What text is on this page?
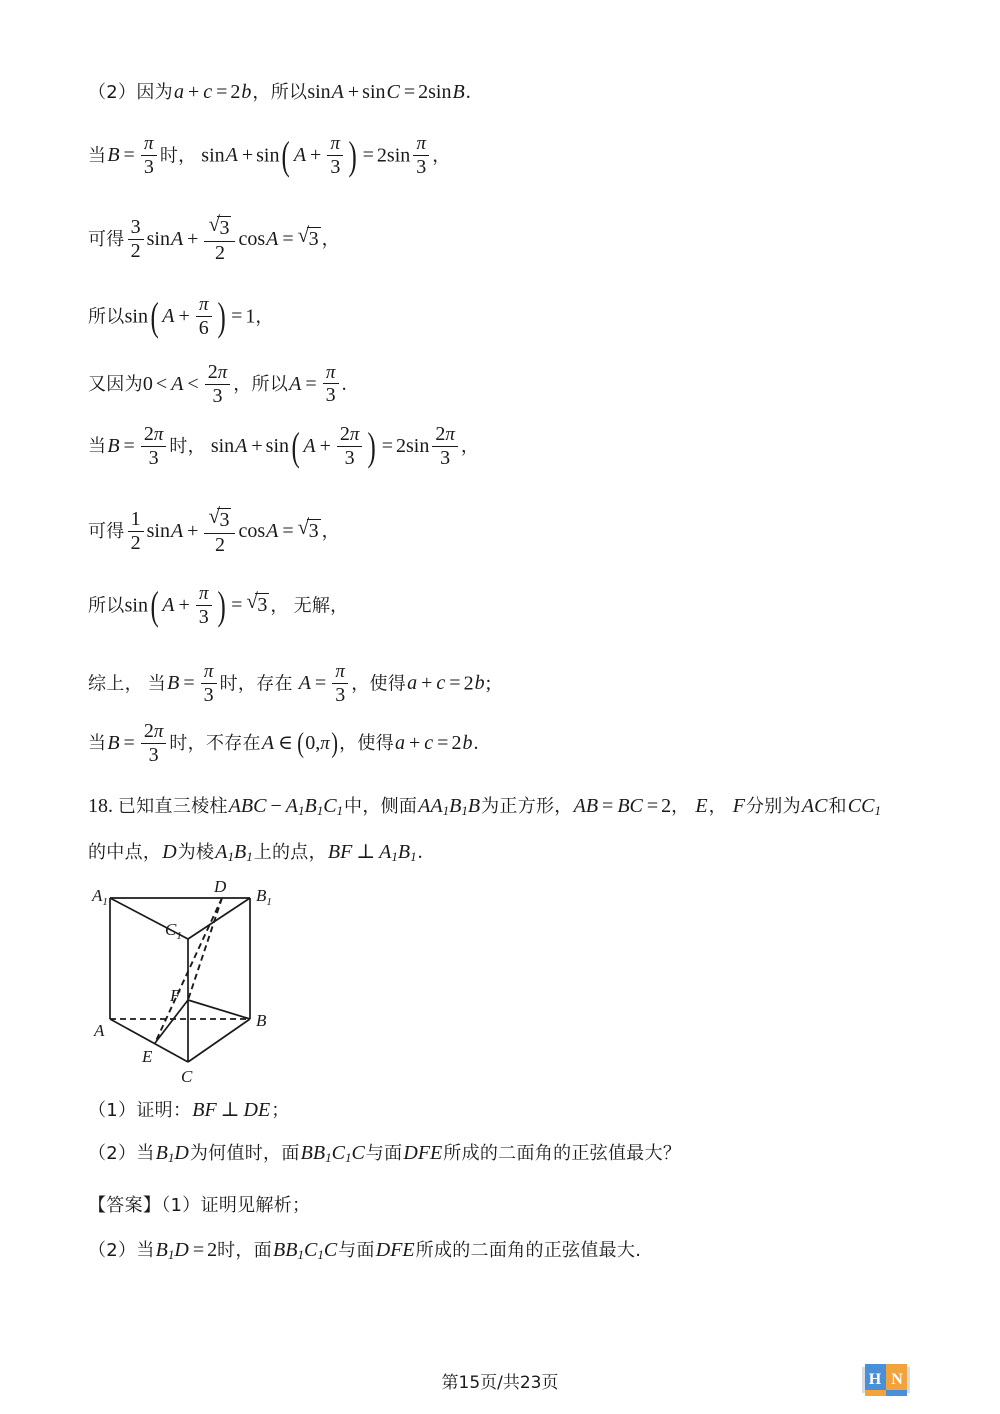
（2）因为a + c = 2b，所以sinA + sinC = 2sinB.
当$B = \frac{\pi}{3}$ 时， sinA + sin( $A + \frac{\pi}{3}$ ) = $2\sin \frac{\pi}{3}$ ，
可得 $\frac{3}{2}$ $\sin A + \frac{√ 3}{2}$ cosA = √ 3 ，
所以sin( $A + \frac{\pi}{6}$ ) = 1，
又因为$0 < A < \frac{2\pi}{3}$ ，所以$A = \frac{\pi}{3}$ .
当$B = \frac{2\pi}{3}$ 时， sinA + sin( $A + \frac{2\pi}{3}$ ) = $2\sin \frac{2\pi}{3}$ ，
可得 $\frac{1}{2}$ $\sin A + \frac{√ 3}{2}$ cosA = √ 3 ，
所以sin( $A + \frac{\pi}{3}$ ) = √ 3 ， 无解，
综上， 当$B = \frac{\pi}{3}$ 时，存在 $A = \frac{\pi}{3}$ ，使得a + c = 2b;
当$B = \frac{2\pi}{3}$ 时，不存在A ∈ (0,π)，使得a + c = 2b.
18. 已知直三棱柱ABC − $A_1B_1C_1$中，侧面$AA_1B_1B$为正方形，AB = BC = 2， E， F分别为AC和$CC_1$
的中点，D为棱$A_1B_1$上的点，BF ⊥ $A_1B_1$.
$A_1$	$B_1$
$C_1$
D
A
B
C
E
F
（1）证明：BF ⊥ DE；
（2）当$B_1D$为何值时，面$BB_1C_1C$与面DFE所成的二面角的正弦值最大？
【答案】（1）证明见解析；
（2）当$B_1D = 2$时，面$BB_1C_1C$与面DFE所成的二面角的正弦值最大.
第15页/共23页	H N
